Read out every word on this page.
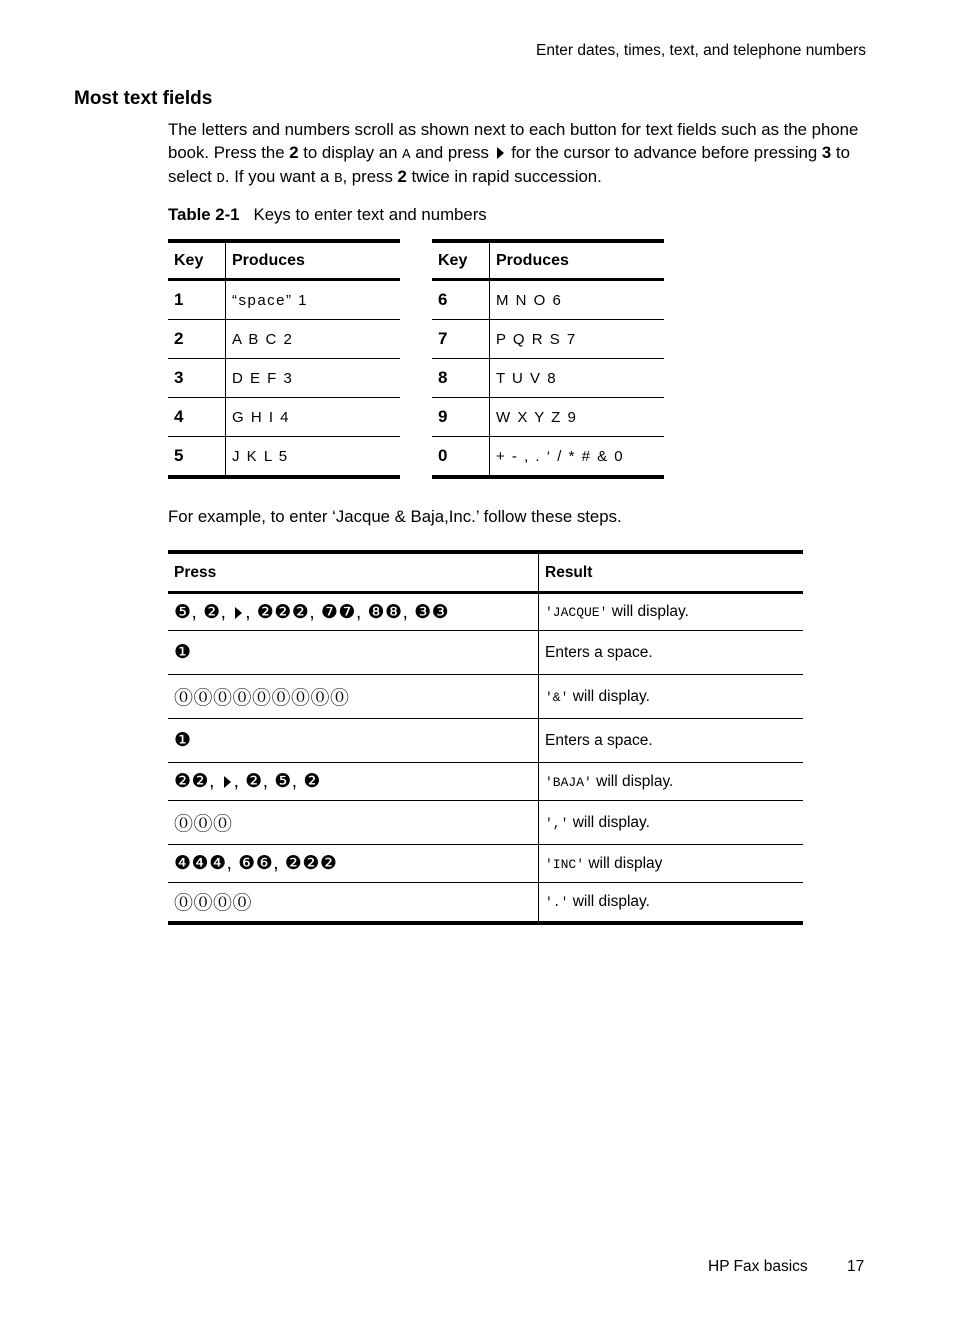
Enter dates, times, text, and telephone numbers
Most text fields
The letters and numbers scroll as shown next to each button for text fields such as the phone book. Press the 2 to display an A and press  for the cursor to advance before pressing 3 to select D. If you want a B, press 2 twice in rapid succession.
Table 2-1 Keys to enter text and numbers
Key	Produces
1	“space” 1
2	A B C 2
3	D E F 3
4	G H I 4
5	J K L 5
Key	Produces
6	M N O 6
7	P Q R S 7
8	T U V 8
9	W X Y Z 9
0	+ - , . ‘ / * # & 0
For example, to enter ‘Jacque & Baja,Inc.’ follow these steps.
Press	Result
❺, ❷, , ❷❷❷, ❼❼, ❽❽, ❸❸	'JACQUE' will display.
❶	Enters a space.
⓪⓪⓪⓪⓪⓪⓪⓪⓪	'&' will display.
❶	Enters a space.
❷❷, , ❷, ❺, ❷	'BAJA' will display.
⓪⓪⓪	',' will display.
❹❹❹, ❻❻, ❷❷❷	'INC' will display
⓪⓪⓪⓪	'.' will display.
HP Fax basics	17
